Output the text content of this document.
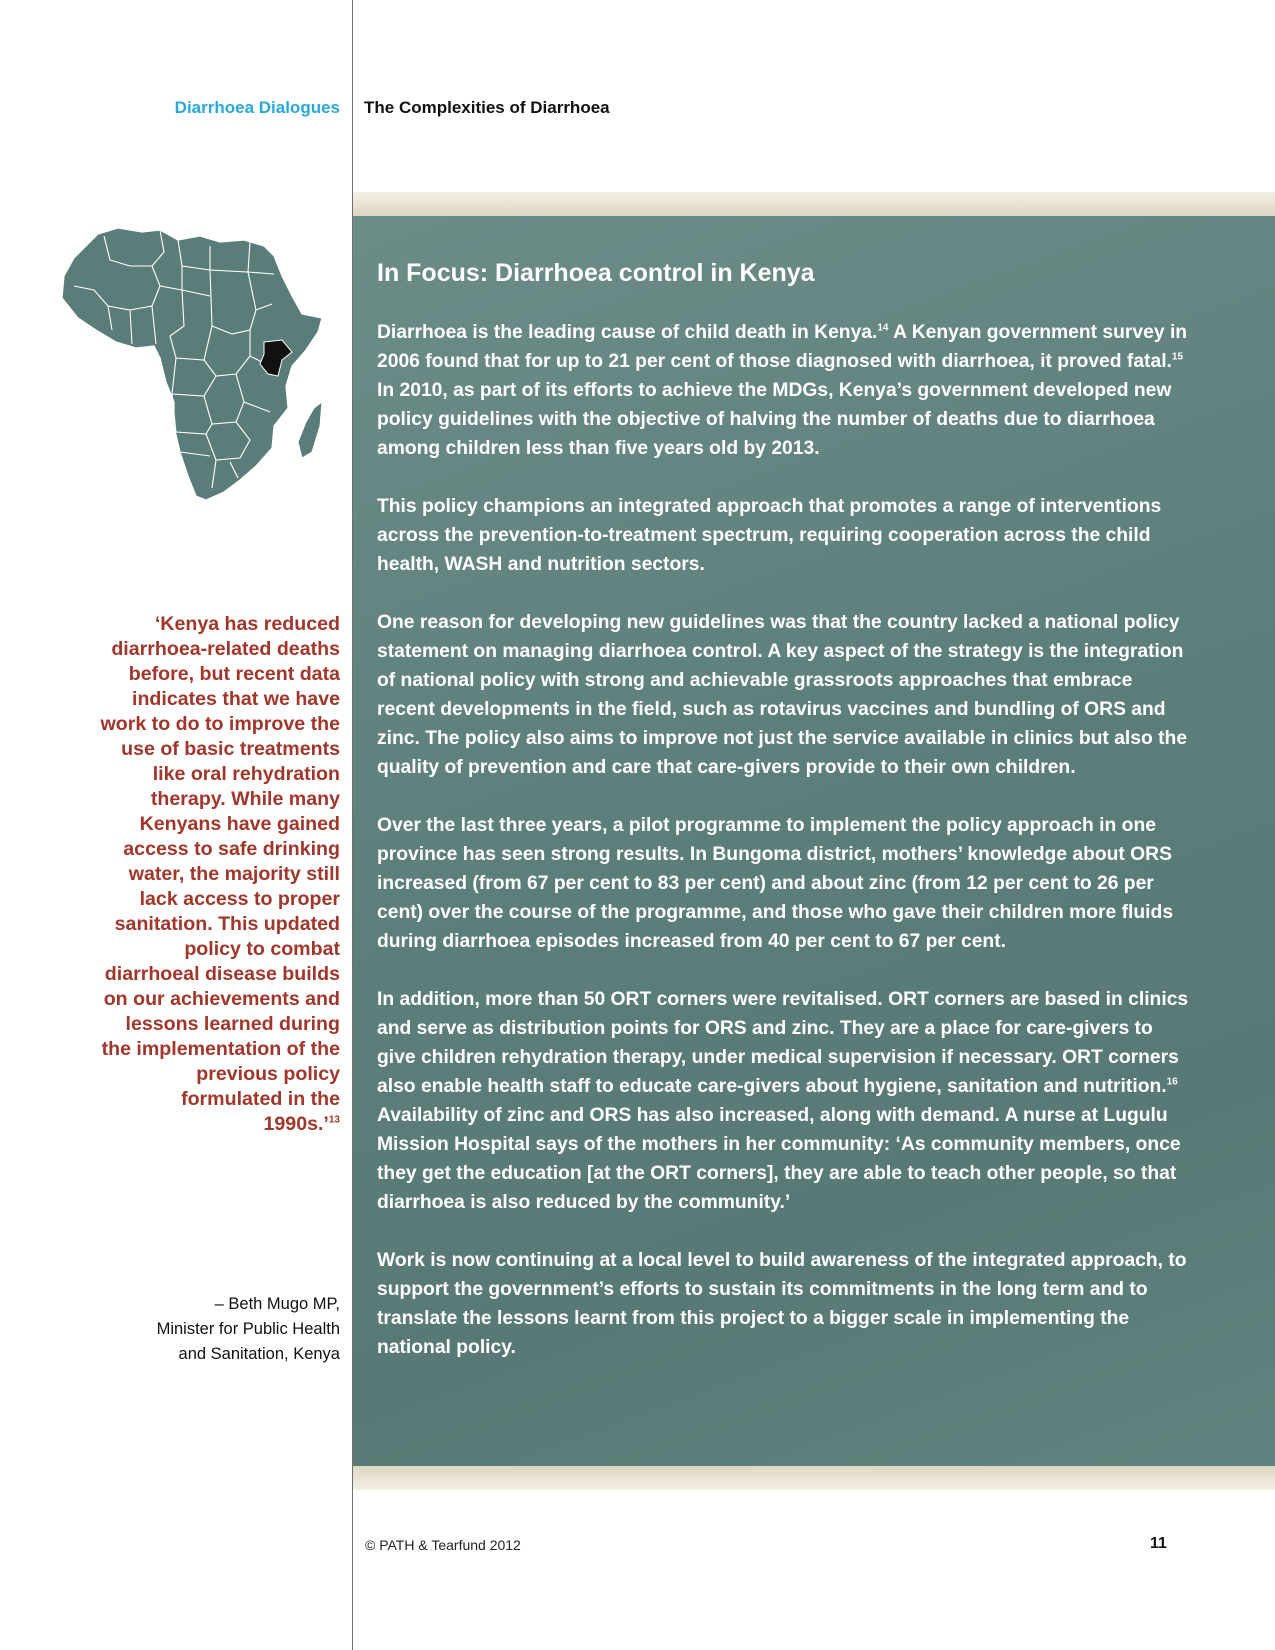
Diarrhoea Dialogues The Complexities of Diarrhoea
In Focus: Diarrhoea control in Kenya

Diarrhoea is the leading cause of child death in Kenya.$^{14}$ A Kenyan government survey in 2006 found that for up to 21 per cent of those diagnosed with diarrhoea, it proved fatal.$^{15}$ In 2010, as part of its efforts to achieve the MDGs, Kenya’s government developed new policy guidelines with the objective of halving the number of deaths due to diarrhoea among children less than five years old by 2013.

This policy champions an integrated approach that promotes a range of interventions across the prevention-to-treatment spectrum, requiring cooperation across the child health, WASH and nutrition sectors.

One reason for developing new guidelines was that the country lacked a national policy statement on managing diarrhoea control. A key aspect of the strategy is the integration of national policy with strong and achievable grassroots approaches that embrace recent developments in the field, such as rotavirus vaccines and bundling of ORS and zinc. The policy also aims to improve not just the service available in clinics but also the quality of prevention and care that care-givers provide to their own children.

Over the last three years, a pilot programme to implement the policy approach in one province has seen strong results. In Bungoma district, mothers’ knowledge about ORS increased (from 67 per cent to 83 per cent) and about zinc (from 12 per cent to 26 per cent) over the course of the programme, and those who gave their children more fluids during diarrhoea episodes increased from 40 per cent to 67 per cent.

In addition, more than 50 ORT corners were revitalised. ORT corners are based in clinics and serve as distribution points for ORS and zinc. They are a place for care-givers to give children rehydration therapy, under medical supervision if necessary. ORT corners also enable health staff to educate care-givers about hygiene, sanitation and nutrition.$^{16}$ Availability of zinc and ORS has also increased, along with demand. A nurse at Lugulu Mission Hospital says of the mothers in her community: ‘As community members, once they get the education [at the ORT corners], they are able to teach other people, so that diarrhoea is also reduced by the community.’

Work is now continuing at a local level to build awareness of the integrated approach, to support the government’s efforts to sustain its commitments in the long term and to translate the lessons learnt from this project to a bigger scale in implementing the national policy.

‘Kenya has reduced diarrhoea-related deaths before, but recent data indicates that we have work to do to improve the use of basic treatments like oral rehydration therapy. While many Kenyans have gained access to safe drinking water, the majority still lack access to proper sanitation. This updated policy to combat diarrhoeal disease builds on our achievements and lessons learned during the implementation of the previous policy formulated in the 1990s.’$^{13}$
– Beth Mugo MP,
Minister for Public Health
and Sanitation, Kenya
© PATH & Tearfund 2012	11
